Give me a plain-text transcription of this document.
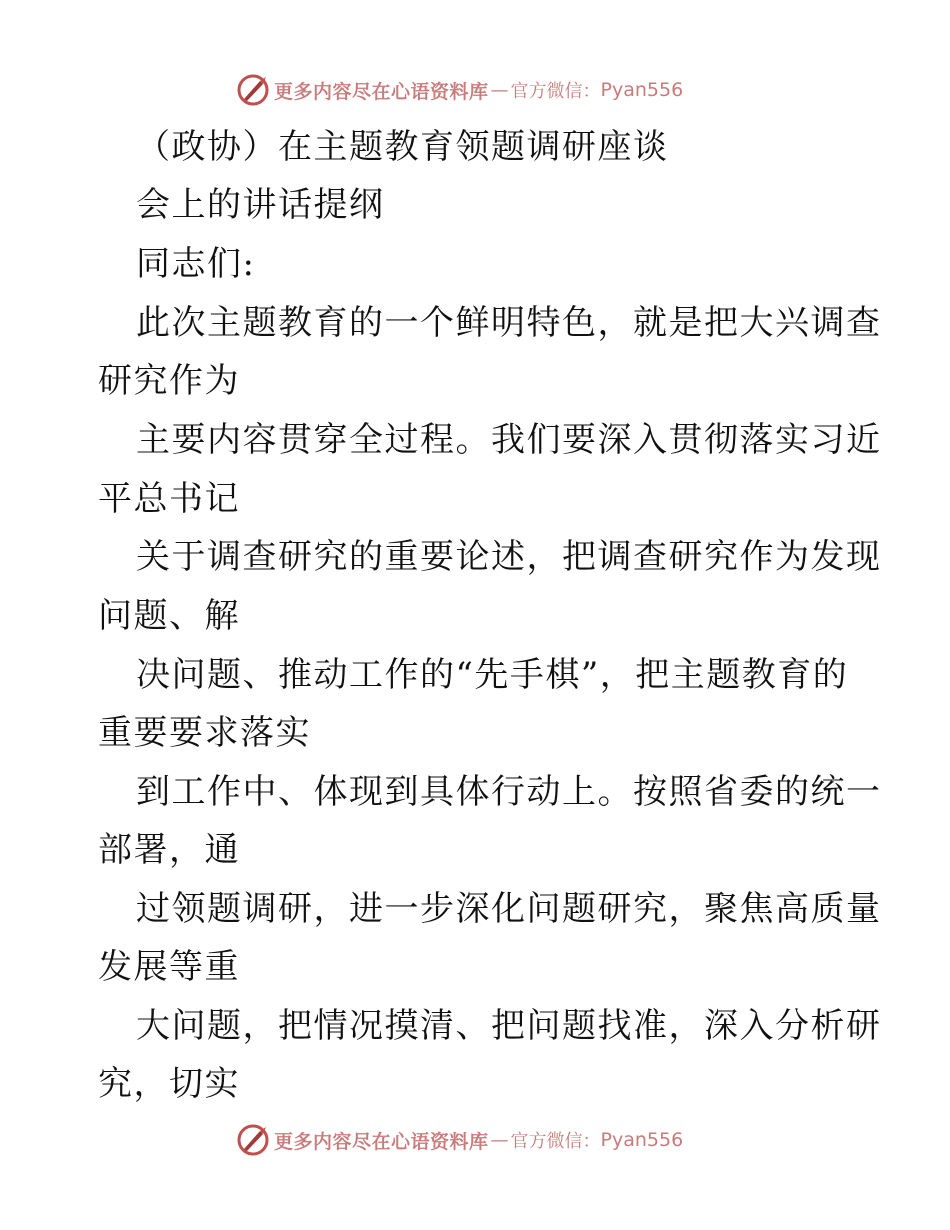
更多内容尽在心语资料库 — 官方微信： Pyan556
（政协）在主题教育领题调研座谈
会上的讲话提纲
同志们:
此次主题教育的一个鲜明特色，就是把大兴调查
研究作为
主要内容贯穿全过程。我们要深入贯彻落实习近
平总书记
关于调查研究的重要论述，把调查研究作为发现
问题、解
决问题、推动工作的“先手棋”，把主题教育的
重要要求落实
到工作中、体现到具体行动上。按照省委的统一
部署，通
过领题调研，进一步深化问题研究，聚焦高质量
发展等重
大问题，把情况摸清、把问题找准，深入分析研
究，切实
更多内容尽在心语资料库 — 官方微信： Pyan556
